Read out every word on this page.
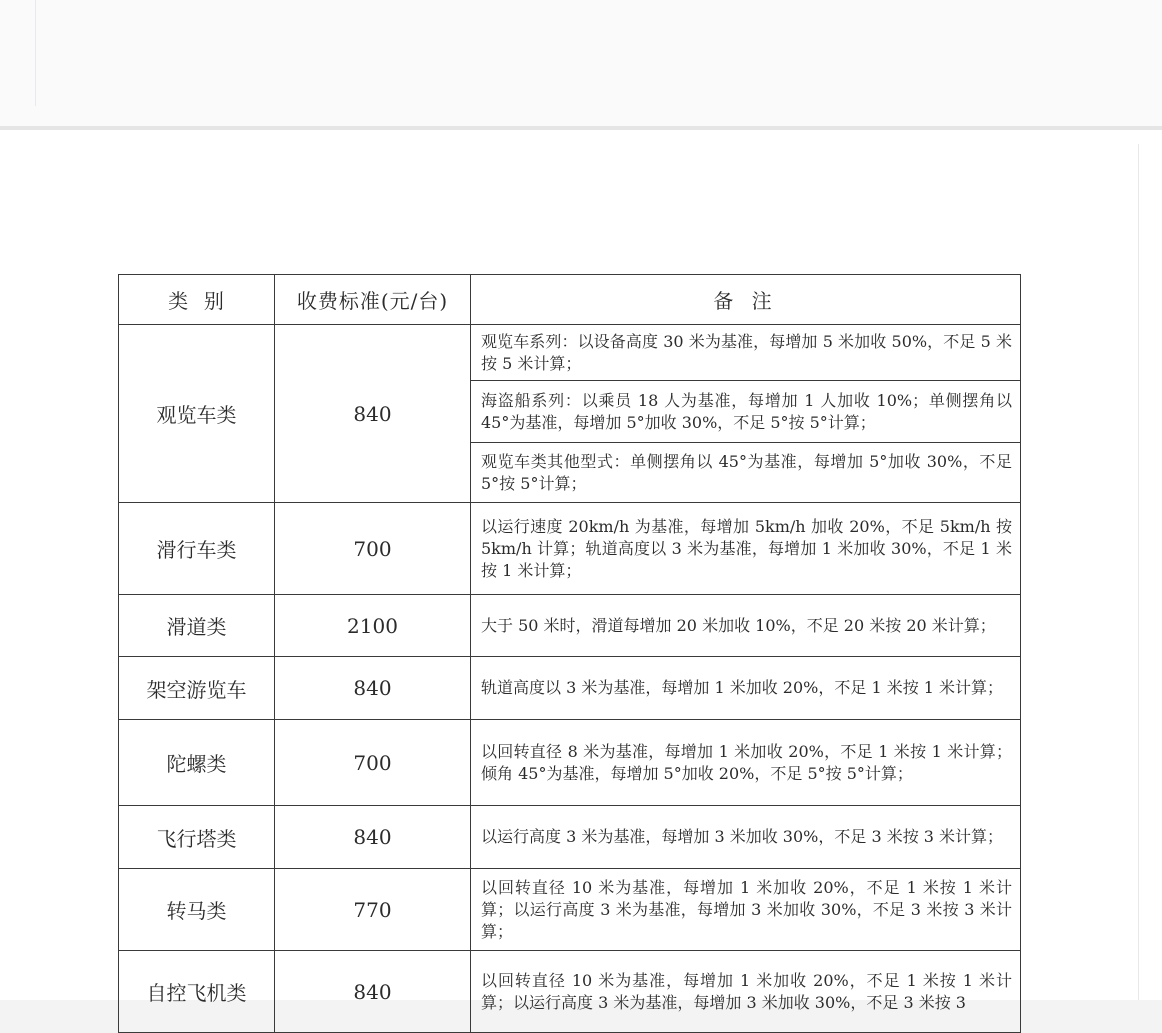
类  别	收费标准(元/台)	备 注
观览车类	840	观览车系列：以设备高度 30 米为基准，每增加 5 米加收 50%，不足 5 米按 5 米计算；
		海盗船系列：以乘员 18 人为基准，每增加 1 人加收 10%；单侧摆角以 45°为基准，每增加 5°加收 30%，不足 5°按 5°计算；
		观览车类其他型式：单侧摆角以 45°为基准，每增加 5°加收 30%，不足 5°按 5°计算；
滑行车类	700	以运行速度 20km/h 为基准，每增加 5km/h 加收 20%，不足 5km/h 按 5km/h 计算；轨道高度以 3 米为基准，每增加 1 米加收 30%，不足 1 米按 1 米计算；
滑道类	2100	大于 50 米时，滑道每增加 20 米加收 10%，不足 20 米按 20 米计算；
架空游览车	840	轨道高度以 3 米为基准，每增加 1 米加收 20%，不足 1 米按 1 米计算；
陀螺类	700	以回转直径 8 米为基准，每增加 1 米加收 20%，不足 1 米按 1 米计算；倾角 45°为基准，每增加 5°加收 20%，不足 5°按 5°计算；
飞行塔类	840	以运行高度 3 米为基准，每增加 3 米加收 30%，不足 3 米按 3 米计算；
转马类	770	以回转直径 10 米为基准，每增加 1 米加收 20%，不足 1 米按 1 米计算；以运行高度 3 米为基准，每增加 3 米加收 30%，不足 3 米按 3 米计算；
自控飞机类	840	以回转直径 10 米为基准，每增加 1 米加收 20%，不足 1 米按 1 米计算；以运行高度 3 米为基准，每增加 3 米加收 30%，不足 3 米按 3
